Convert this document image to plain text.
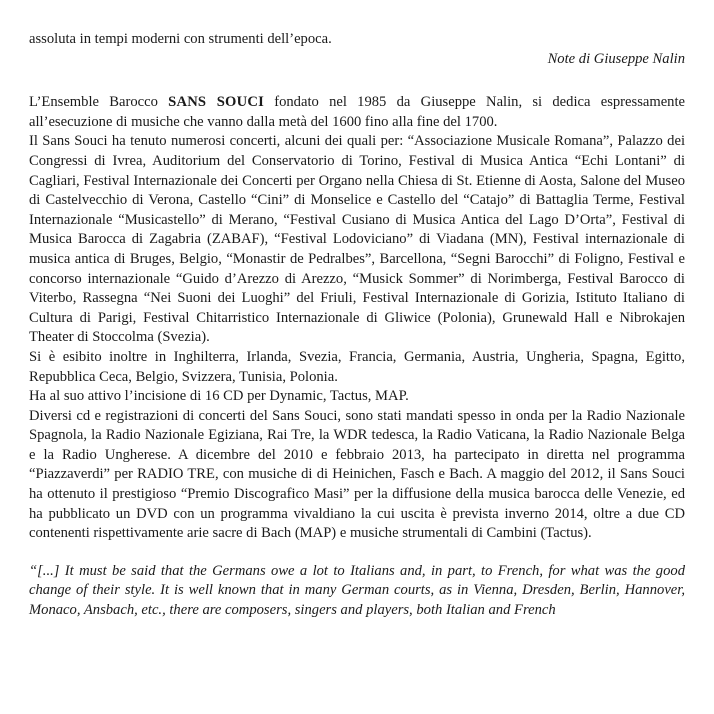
assoluta in tempi moderni con strumenti dell’epoca.

Note di Giuseppe Nalin

L’Ensemble Barocco SANS SOUCI fondato nel 1985 da Giuseppe Nalin, si dedica espressamente all’esecuzione di musiche che vanno dalla metà del 1600 fino alla fine del 1700.

Il Sans Souci ha tenuto numerosi concerti, alcuni dei quali per: “Associazione Musicale Romana”, Palazzo dei Congressi di Ivrea, Auditorium del Conservatorio di Torino, Festival di Musica Antica “Echi Lontani” di Cagliari, Festival Internazionale dei Concerti per Organo nella Chiesa di St. Etienne di Aosta, Salone del Museo di Castelvecchio di Verona, Castello “Cini” di Monselice e Castello del “Catajo” di Battaglia Terme, Festival Internazionale “Musicastello” di Merano, “Festival Cusiano di Musica Antica del Lago D’Orta”, Festival di Musica Barocca di Zagabria (ZABAF), “Festival Lodoviciano” di Viadana (MN), Festival internazionale di musica antica di Bruges, Belgio, “Monastir de Pedralbes”, Barcellona, “Segni Barocchi” di Foligno, Festival e concorso internazionale “Guido d’Arezzo di Arezzo, “Musick Sommer” di Norimberga, Festival Barocco di Viterbo, Rassegna “Nei Suoni dei Luoghi” del Friuli, Festival Internazionale di Gorizia, Istituto Italiano di Cultura di Parigi, Festival Chitarristico Internazionale di Gliwice (Polonia), Grunewald Hall e Nibrokajen Theater di Stoccolma (Svezia).

Si è esibito inoltre in Inghilterra, Irlanda, Svezia, Francia, Germania, Austria, Ungheria, Spagna, Egitto, Repubblica Ceca, Belgio, Svizzera, Tunisia, Polonia.

Ha al suo attivo l’incisione di 16 CD per Dynamic, Tactus, MAP.

Diversi cd e registrazioni di concerti del Sans Souci, sono stati mandati spesso in onda per la Radio Nazionale Spagnola, la Radio Nazionale Egiziana, Rai Tre, la WDR tedesca, la Radio Vaticana, la Radio Nazionale Belga e la Radio Ungherese. A dicembre del 2010 e febbraio 2013, ha partecipato in diretta nel programma “Piazzaverdi” per RADIO TRE, con musiche di di Heinichen, Fasch e Bach. A maggio del 2012, il Sans Souci ha ottenuto il prestigioso “Premio Discografico Masi” per la diffusione della musica barocca delle Venezie, ed ha pubblicato un DVD con un programma vivaldiano la cui uscita è prevista inverno 2014, oltre a due CD contenenti rispettivamente arie sacre di Bach (MAP) e musiche strumentali di Cambini (Tactus).

“[...] It must be said that the Germans owe a lot to Italians and, in part, to French, for what was the good change of their style. It is well known that in many German courts, as in Vienna, Dresden, Berlin, Hannover, Monaco, Ansbach, etc., there are composers, singers and players, both Italian and French
